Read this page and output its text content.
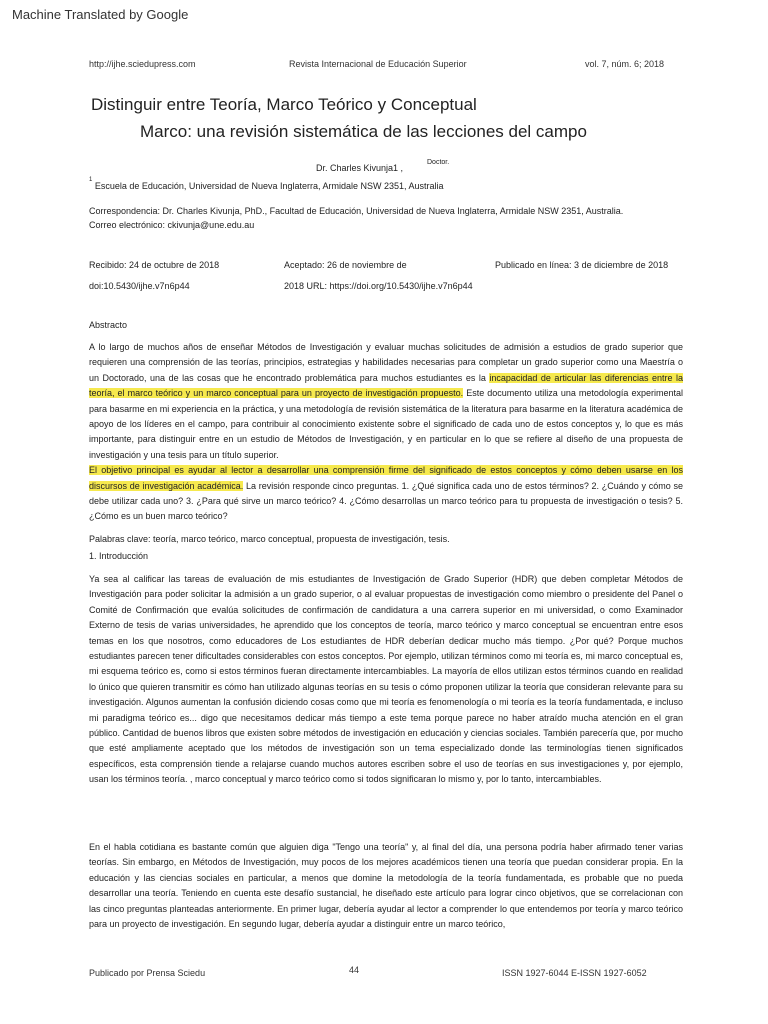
Machine Translated by Google
http://ijhe.sciedupress.com	Revista Internacional de Educación Superior	vol. 7, núm. 6; 2018
Distinguir entre Teoría, Marco Teórico y Conceptual
Marco: una revisión sistemática de las lecciones del campo
Dr. Charles Kivunja1 ,
Doctor.
$^1$ Escuela de Educación, Universidad de Nueva Inglaterra, Armidale NSW 2351, Australia
Correspondencia: Dr. Charles Kivunja, PhD., Facultad de Educación, Universidad de Nueva Inglaterra, Armidale NSW 2351, Australia.
Correo electrónico: ckivunja@une.edu.au
Recibido: 24 de octubre de 2018	Aceptado: 26 de noviembre de	Publicado en línea: 3 de diciembre de 2018
doi:10.5430/ijhe.v7n6p44	2018 URL: https://doi.org/10.5430/ijhe.v7n6p44
Abstracto
A lo largo de muchos años de enseñar Métodos de Investigación y evaluar muchas solicitudes de admisión a estudios de grado superior que requieren una comprensión de las teorías, principios, estrategias y habilidades necesarias para completar un grado superior como una Maestría o un Doctorado, una de las cosas que he encontrado problemática para muchos estudiantes es la incapacidad de articular las diferencias entre la teoría, el marco teórico y un marco conceptual para un proyecto de investigación propuesto. Este documento utiliza una metodología experimental para basarme en mi experiencia en la práctica, y una metodología de revisión sistemática de la literatura para basarme en la literatura académica de apoyo de los líderes en el campo, para contribuir al conocimiento existente sobre el significado de cada uno de estos conceptos y, lo que es más importante, para distinguir entre en un estudio de Métodos de Investigación, y en particular en lo que se refiere al diseño de una propuesta de investigación y una tesis para un título superior.
El objetivo principal es ayudar al lector a desarrollar una comprensión firme del significado de estos conceptos y cómo deben usarse en los discursos de investigación académica. La revisión responde cinco preguntas. 1. ¿Qué significa cada uno de estos términos? 2. ¿Cuándo y cómo se debe utilizar cada uno? 3. ¿Para qué sirve un marco teórico? 4. ¿Cómo desarrollas un marco teórico para tu propuesta de investigación o tesis? 5. ¿Cómo es un buen marco teórico?
Palabras clave: teoría, marco teórico, marco conceptual, propuesta de investigación, tesis.
1. Introducción
Ya sea al calificar las tareas de evaluación de mis estudiantes de Investigación de Grado Superior (HDR) que deben completar Métodos de Investigación para poder solicitar la admisión a un grado superior, o al evaluar propuestas de investigación como miembro o presidente del Panel o Comité de Confirmación que evalúa solicitudes de confirmación de candidatura a una carrera superior en mi universidad, o como Examinador Externo de tesis de varias universidades, he aprendido que los conceptos de teoría, marco teórico y marco conceptual se encuentran entre esos temas en los que nosotros, como educadores de Los estudiantes de HDR deberían dedicar mucho más tiempo. ¿Por qué? Porque muchos estudiantes parecen tener dificultades considerables con estos conceptos. Por ejemplo, utilizan términos como mi teoría es, mi marco conceptual es, mi esquema teórico es, como si estos términos fueran directamente intercambiables. La mayoría de ellos utilizan estos términos cuando en realidad lo único que quieren transmitir es cómo han utilizado algunas teorías en su tesis o cómo proponen utilizar la teoría que consideran relevante para su investigación. Algunos aumentan la confusión diciendo cosas como que mi teoría es fenomenología o mi teoría es la teoría fundamentada, e incluso mi paradigma teórico es... digo que necesitamos dedicar más tiempo a este tema porque parece no haber atraído mucha atención en el gran público. Cantidad de buenos libros que existen sobre métodos de investigación en educación y ciencias sociales. También parecería que, por mucho que esté ampliamente aceptado que los métodos de investigación son un tema especializado donde las terminologías tienen significados específicos, esta comprensión tiende a relajarse cuando muchos autores escriben sobre el uso de teorías en sus investigaciones y, por ejemplo, usan los términos teoría. , marco conceptual y marco teórico como si todos significaran lo mismo y, por lo tanto, intercambiables.
En el habla cotidiana es bastante común que alguien diga "Tengo una teoría" y, al final del día, una persona podría haber afirmado tener varias teorías. Sin embargo, en Métodos de Investigación, muy pocos de los mejores académicos tienen una teoría que puedan considerar propia. En la educación y las ciencias sociales en particular, a menos que domine la metodología de la teoría fundamentada, es probable que no pueda desarrollar una teoría. Teniendo en cuenta este desafío sustancial, he diseñado este artículo para lograr cinco objetivos, que se correlacionan con las cinco preguntas planteadas anteriormente. En primer lugar, debería ayudar al lector a comprender lo que entendemos por teoría y marco teórico para un proyecto de investigación. En segundo lugar, debería ayudar a distinguir entre un marco teórico,
Publicado por Prensa Sciedu	44	ISSN 1927-6044 E-ISSN 1927-6052
